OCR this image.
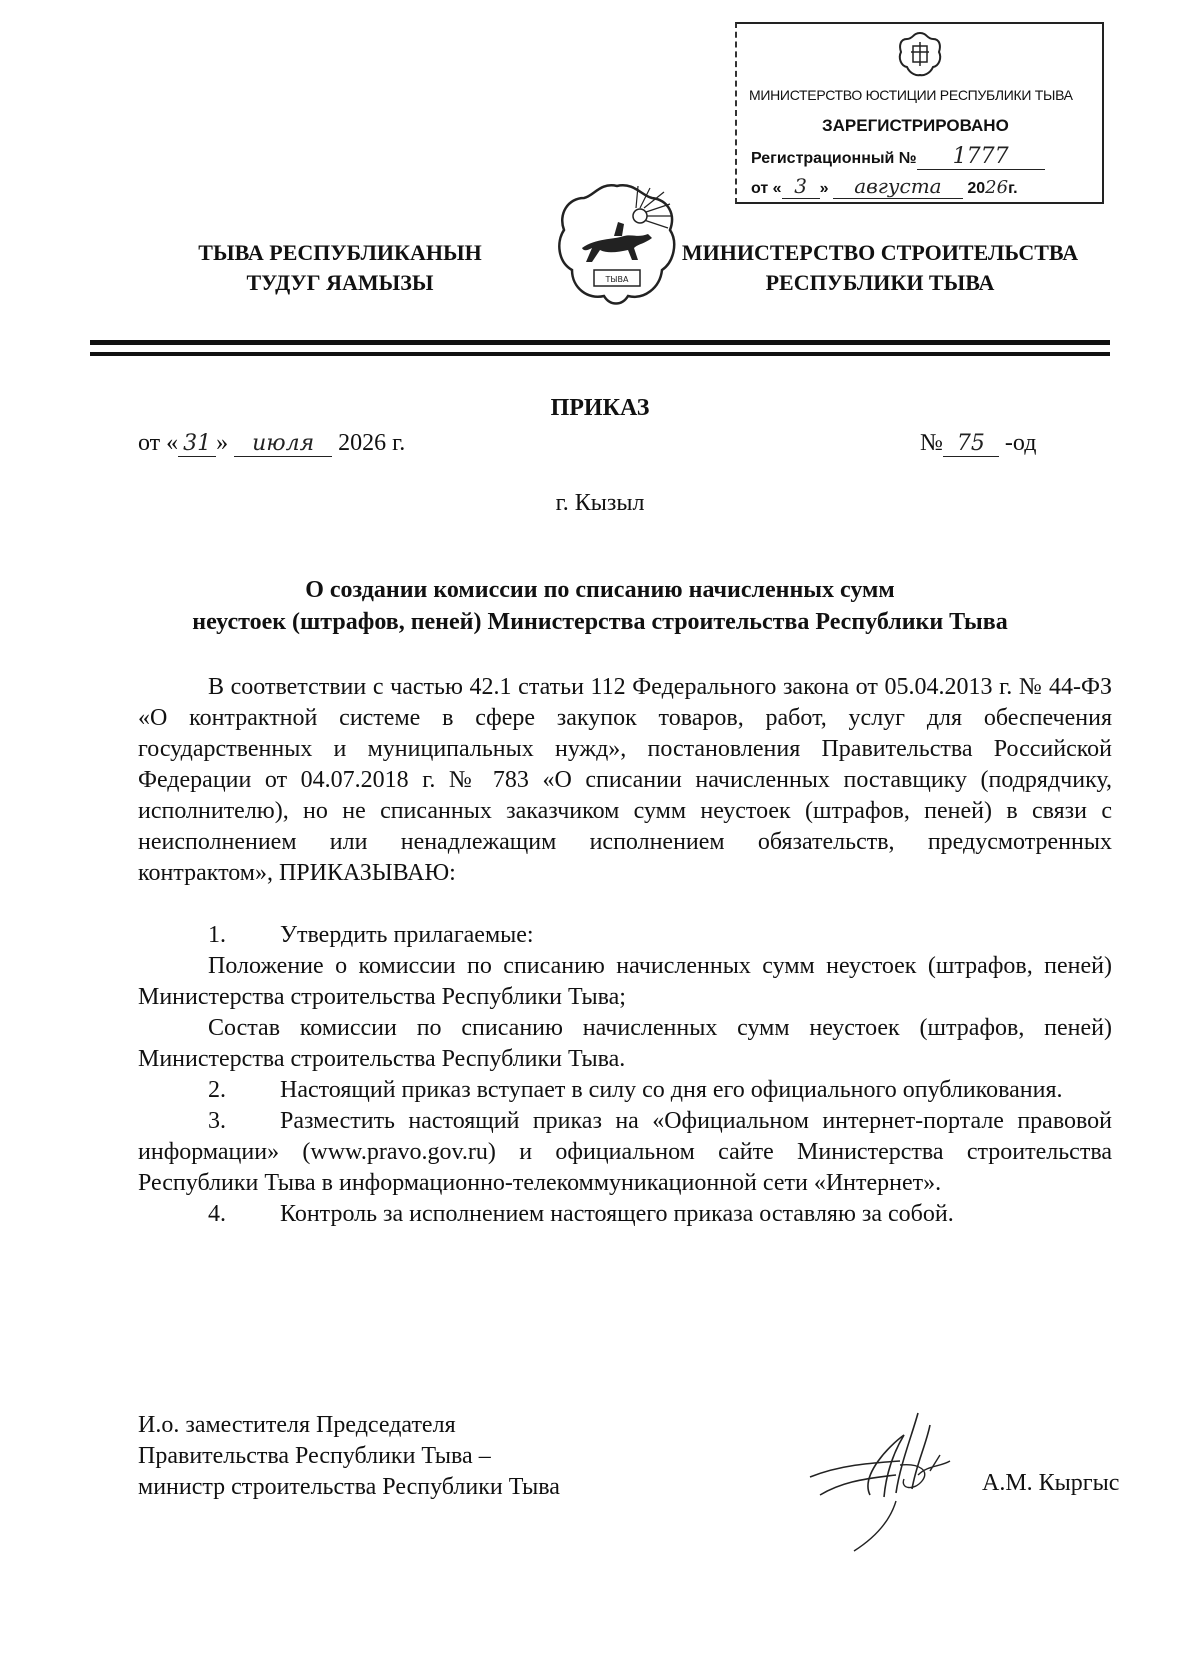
МИНИСТЕРСТВО ЮСТИЦИИ РЕСПУБЛИКИ ТЫВА
ЗАРЕГИСТРИРОВАНО
Регистрационный № 1777
от « 3 » августа 2026г.
ТЫВА РЕСПУБЛИКАНЫН
ТУДУГ ЯАМЫЗЫ	ТЫВА
МИНИСТЕРСТВО СТРОИТЕЛЬСТВА
РЕСПУБЛИКИ ТЫВА
ПРИКАЗ
от « 31 » июля 2026 г.	№ 75 -од
г. Кызыл
О создании комиссии по списанию начисленных сумм
неустоек (штрафов, пеней) Министерства строительства Республики Тыва

В соответствии с частью 42.1 статьи 112 Федерального закона от 05.04.2013 г. № 44-ФЗ «О контрактной системе в сфере закупок товаров, работ, услуг для обеспечения государственных и муниципальных нужд», постановления Правительства Российской Федерации от 04.07.2018 г. № 783 «О списании начисленных поставщику (подрядчику, исполнителю), но не списанных заказчиком сумм неустоек (штрафов, пеней) в связи с неисполнением или ненадлежащим исполнением обязательств, предусмотренных контрактом», ПРИКАЗЫВАЮ:

1. Утвердить прилагаемые:

Положение о комиссии по списанию начисленных сумм неустоек (штрафов, пеней) Министерства строительства Республики Тыва;

Состав комиссии по списанию начисленных сумм неустоек (штрафов, пеней) Министерства строительства Республики Тыва.

2. Настоящий приказ вступает в силу со дня его официального опубликования.

3. Разместить настоящий приказ на «Официальном интернет-портале правовой информации» (www.pravo.gov.ru) и официальном сайте Министерства строительства Республики Тыва в информационно-телекоммуникационной сети «Интернет».

4. Контроль за исполнением настоящего приказа оставляю за собой.

И.о. заместителя Председателя
Правительства Республики Тыва –
министр строительства Республики Тыва	А.М. Кыргыс
